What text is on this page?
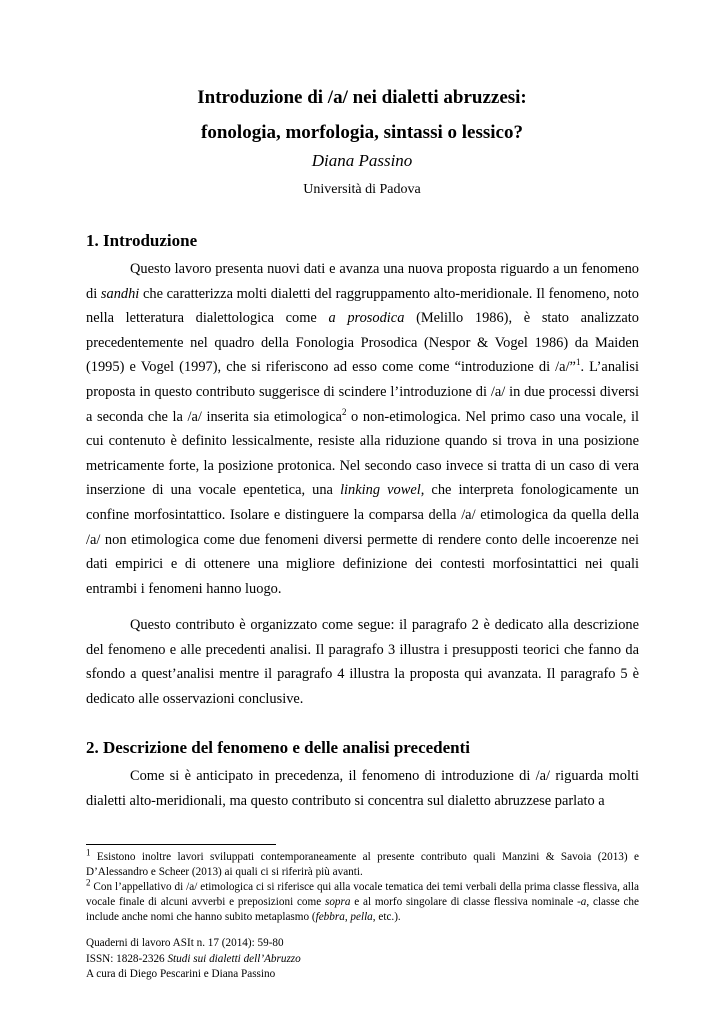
Introduzione di /a/ nei dialetti abruzzesi:
fonologia, morfologia, sintassi o lessico?

Diana Passino

Università di Padova

1. Introduzione

Questo lavoro presenta nuovi dati e avanza una nuova proposta riguardo a un fenomeno di sandhi che caratterizza molti dialetti del raggruppamento alto-meridionale. Il fenomeno, noto nella letteratura dialettologica come a prosodica (Melillo 1986), è stato analizzato precedentemente nel quadro della Fonologia Prosodica (Nespor & Vogel 1986) da Maiden (1995) e Vogel (1997), che si riferiscono ad esso come come “introduzione di /a/”$^1$. L’analisi proposta in questo contributo suggerisce di scindere l’introduzione di /a/ in due processi diversi a seconda che la /a/ inserita sia etimologica$^2$ o non-etimologica. Nel primo caso una vocale, il cui contenuto è definito lessicalmente, resiste alla riduzione quando si trova in una posizione metricamente forte, la posizione protonica. Nel secondo caso invece si tratta di un caso di vera inserzione di una vocale epentetica, una linking vowel, che interpreta fonologicamente un confine morfosintattico. Isolare e distinguere la comparsa della /a/ etimologica da quella della /a/ non etimologica come due fenomeni diversi permette di rendere conto delle incoerenze nei dati empirici e di ottenere una migliore definizione dei contesti morfosintattici nei quali entrambi i fenomeni hanno luogo.

Questo contributo è organizzato come segue: il paragrafo 2 è dedicato alla descrizione del fenomeno e alle precedenti analisi. Il paragrafo 3 illustra i presupposti teorici che fanno da sfondo a quest’analisi mentre il paragrafo 4 illustra la proposta qui avanzata. Il paragrafo 5 è dedicato alle osservazioni conclusive.

2. Descrizione del fenomeno e delle analisi precedenti

Come si è anticipato in precedenza, il fenomeno di introduzione di /a/ riguarda molti dialetti alto-meridionali, ma questo contributo si concentra sul dialetto abruzzese parlato a

$^1$ Esistono inoltre lavori sviluppati contemporaneamente al presente contributo quali Manzini & Savoia (2013) e D’Alessandro e Scheer (2013) ai quali ci si riferirà più avanti.

$^2$ Con l’appellativo di /a/ etimologica ci si riferisce qui alla vocale tematica dei temi verbali della prima classe flessiva, alla vocale finale di alcuni avverbi e preposizioni come sopra e al morfo singolare di classe flessiva nominale -a, classe che include anche nomi che hanno subito metaplasmo (febbra, pella, etc.).

Quaderni di lavoro ASIt n. 17 (2014): 59-80
ISSN: 1828-2326 Studi sui dialetti dell’Abruzzo
A cura di Diego Pescarini e Diana Passino
